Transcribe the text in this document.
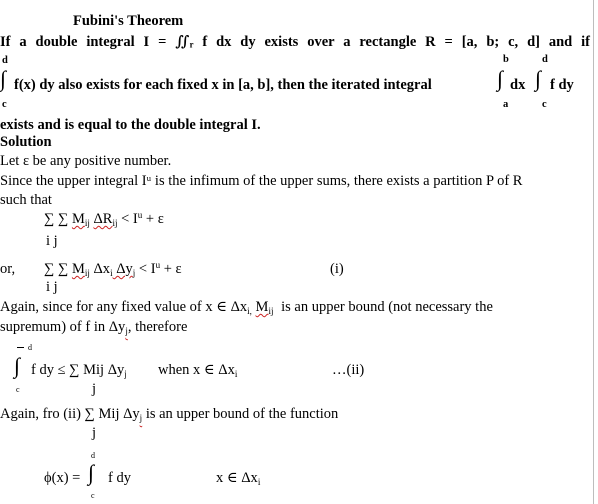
Fubini's Theorem
If a double integral I = ∬ᵣ f dx dy exists over a rectangle R = [a, b; c, d] and if
d	b	d
∫ f(x) dy also exists for each fixed x in [a, b], then the iterated integral	∫ dx ∫ f dy
c	a	c
exists and is equal to the double integral I.
Solution
Let ε be any positive number.
Since the upper integral Iᵘ is the infimum of the upper sums, there exists a partition P of R
such that
∑ ∑ $M_{ij}$ $\Delta R_{ij} < I^u + \varepsilon$
i j
or, ∑ ∑ $M_{ij}$ $\Delta x_i$ $\Delta y_j < I^u + \varepsilon$	(i)
i j
Again, since for any fixed value of x ∈ $\Delta x_{i,}$ $M_{ij}$ is an upper bound (not necessary the
supremum) of f in $\Delta y_j$, therefore
d
∫ f dy ≤ ∑ Mij $\Delta y_j$ when x ∈ $\Delta x_i$	…(ii)
c	j
Again, fro (ii) ∑ Mij $\Delta y_j$ is an upper bound of the function
j
d
ϕ(x) = ∫ f dy	x ∈ $\Delta x_i$
c
